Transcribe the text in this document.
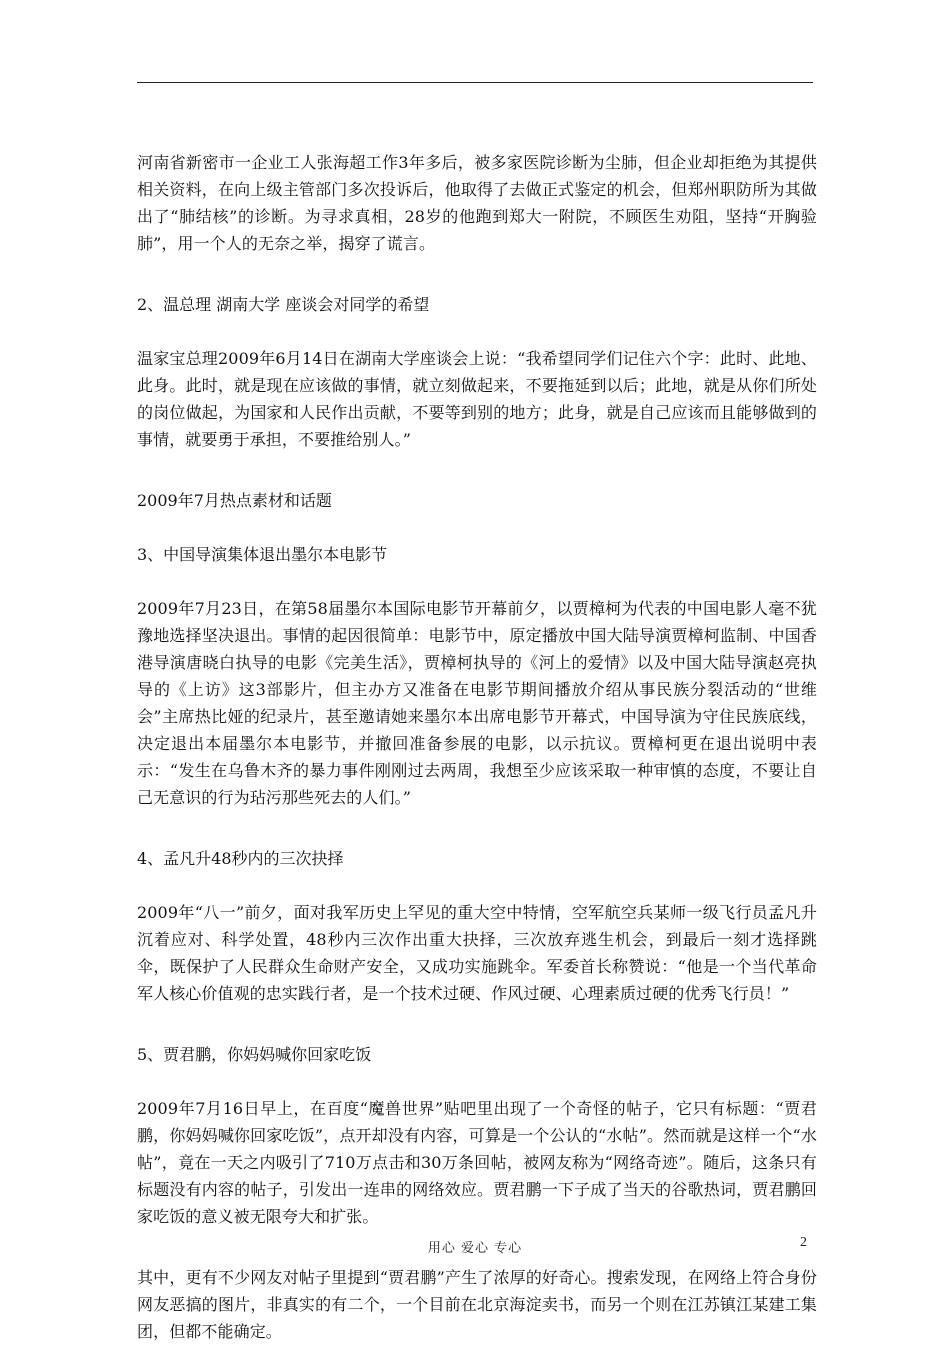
河南省新密市一企业工人张海超工作3年多后，被多家医院诊断为尘肺，但企业却拒绝为其提供相关资料，在向上级主管部门多次投诉后，他取得了去做正式鉴定的机会，但郑州职防所为其做出了“肺结核”的诊断。为寻求真相，28岁的他跑到郑大一附院，不顾医生劝阻，坚持“开胸验肺”，用一个人的无奈之举，揭穿了谎言。

2、温总理 湖南大学 座谈会对同学的希望

温家宝总理2009年6月14日在湖南大学座谈会上说：“我希望同学们记住六个字：此时、此地、此身。此时，就是现在应该做的事情，就立刻做起来，不要拖延到以后；此地，就是从你们所处的岗位做起，为国家和人民作出贡献，不要等到别的地方；此身，就是自己应该而且能够做到的事情，就要勇于承担，不要推给别人。”

2009年7月热点素材和话题

3、中国导演集体退出墨尔本电影节

2009年7月23日，在第58届墨尔本国际电影节开幕前夕，以贾樟柯为代表的中国电影人毫不犹豫地选择坚决退出。事情的起因很简单：电影节中，原定播放中国大陆导演贾樟柯监制、中国香港导演唐晓白执导的电影《完美生活》，贾樟柯执导的《河上的爱情》以及中国大陆导演赵亮执导的《上访》这3部影片，但主办方又准备在电影节期间播放介绍从事民族分裂活动的“世维会”主席热比娅的纪录片，甚至邀请她来墨尔本出席电影节开幕式，中国导演为守住民族底线，决定退出本届墨尔本电影节，并撤回准备参展的电影，以示抗议。贾樟柯更在退出说明中表示：“发生在乌鲁木齐的暴力事件刚刚过去两周，我想至少应该采取一种审慎的态度，不要让自己无意识的行为玷污那些死去的人们。”

4、孟凡升48秒内的三次抉择

2009年“八一”前夕，面对我军历史上罕见的重大空中特情，空军航空兵某师一级飞行员孟凡升沉着应对、科学处置，48秒内三次作出重大抉择，三次放弃逃生机会，到最后一刻才选择跳伞，既保护了人民群众生命财产安全，又成功实施跳伞。军委首长称赞说：“他是一个当代革命军人核心价值观的忠实践行者，是一个技术过硬、作风过硬、心理素质过硬的优秀飞行员！”

5、贾君鹏，你妈妈喊你回家吃饭

2009年7月16日早上，在百度“魔兽世界”贴吧里出现了一个奇怪的帖子，它只有标题：“贾君鹏，你妈妈喊你回家吃饭”，点开却没有内容，可算是一个公认的“水帖”。然而就是这样一个“水帖”，竟在一天之内吸引了710万点击和30万条回帖，被网友称为“网络奇迹”。随后，这条只有标题没有内容的帖子，引发出一连串的网络效应。贾君鹏一下子成了当天的谷歌热词，贾君鹏回家吃饭的意义被无限夸大和扩张。

其中，更有不少网友对帖子里提到“贾君鹏”产生了浓厚的好奇心。搜索发现，在网络上符合身份网友恶搞的图片，非真实的有二个，一个目前在北京海淀卖书，而另一个则在江苏镇江某建工集团，但都不能确定。

用心 爱心 专心	2
